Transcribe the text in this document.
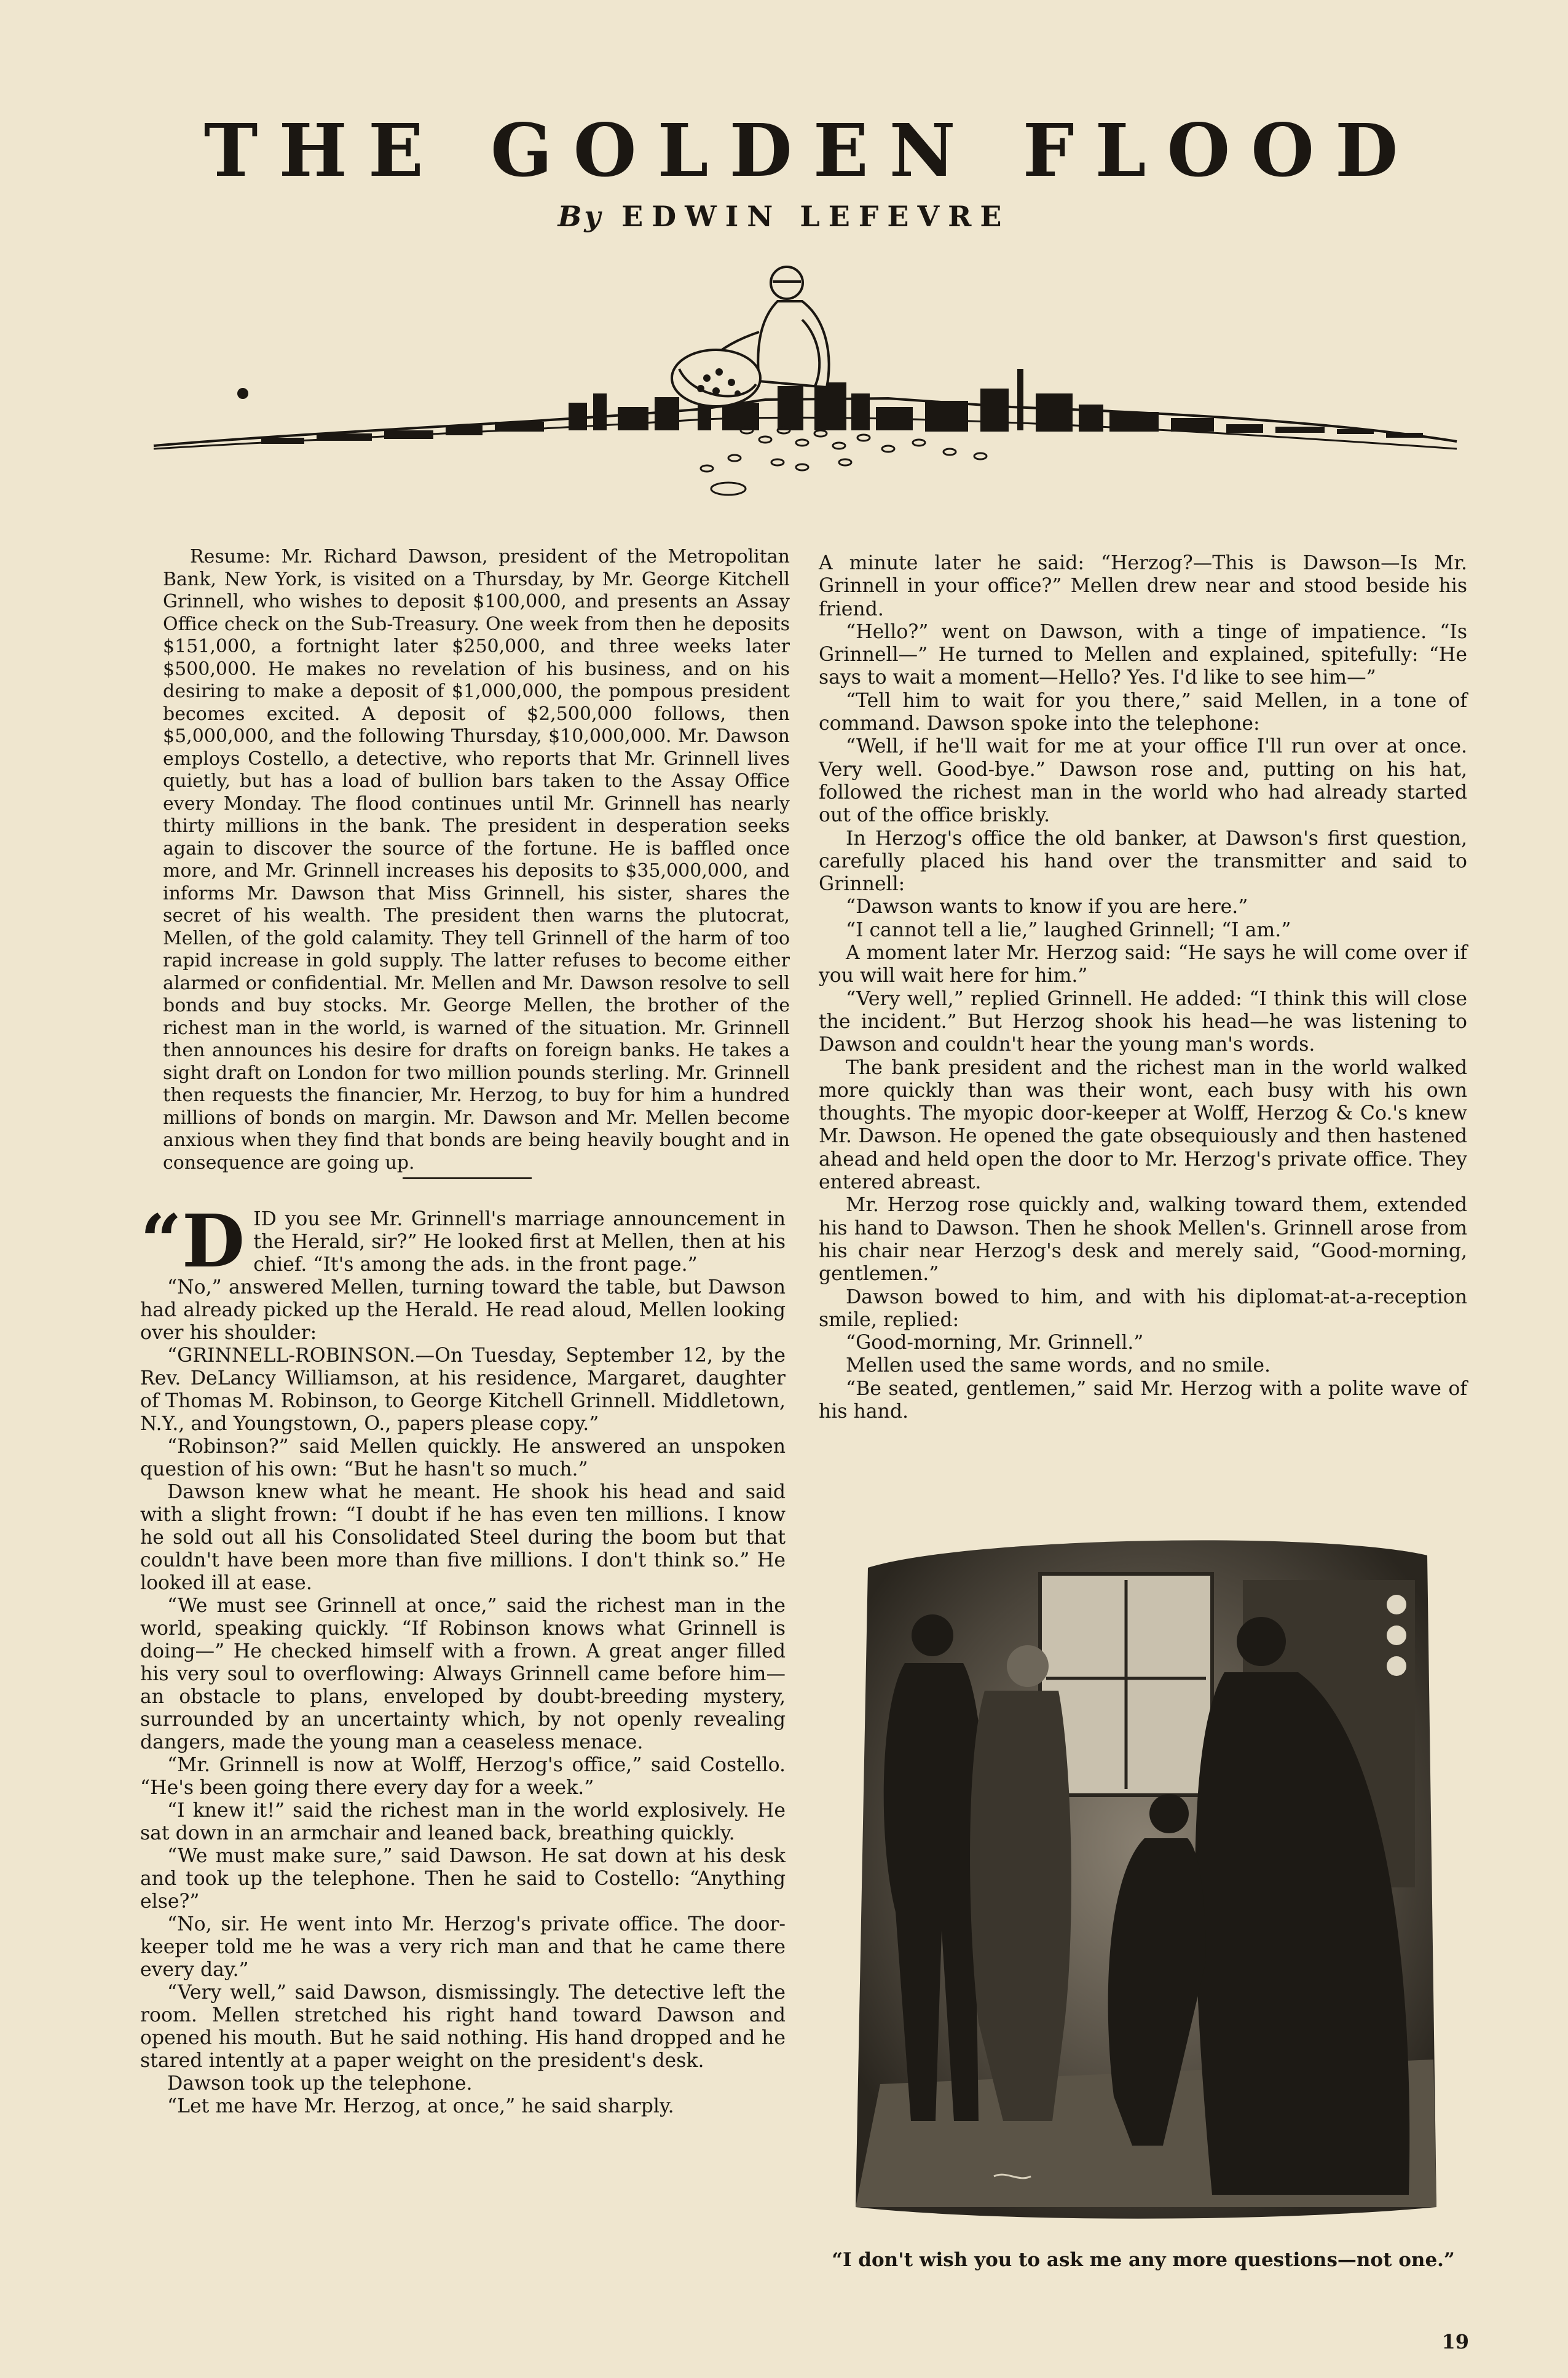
THE GOLDEN FLOOD
By EDWIN LEFEVRE

Resume: Mr. Richard Dawson, president of the Metropolitan Bank, New York, is visited on a Thursday, by Mr. George Kitchell Grinnell, who wishes to deposit $100,000, and presents an Assay Office check on the Sub-Treasury. One week from then he deposits $151,000, a fortnight later $250,000, and three weeks later $500,000. He makes no revelation of his business, and on his desiring to make a deposit of $1,000,000, the pompous president becomes excited. A deposit of $2,500,000 follows, then $5,000,000, and the following Thursday, $10,000,000. Mr. Dawson employs Costello, a detective, who reports that Mr. Grinnell lives quietly, but has a load of bullion bars taken to the Assay Office every Monday. The flood continues until Mr. Grinnell has nearly thirty millions in the bank. The president in desperation seeks again to discover the source of the fortune. He is baffled once more, and Mr. Grinnell increases his deposits to $35,000,000, and informs Mr. Dawson that Miss Grinnell, his sister, shares the secret of his wealth. The president then warns the plutocrat, Mellen, of the gold calamity. They tell Grinnell of the harm of too rapid increase in gold supply. The latter refuses to become either alarmed or confidential. Mr. Mellen and Mr. Dawson resolve to sell bonds and buy stocks. Mr. George Mellen, the brother of the richest man in the world, is warned of the situation. Mr. Grinnell then announces his desire for drafts on foreign banks. He takes a sight draft on London for two million pounds sterling. Mr. Grinnell then requests the financier, Mr. Herzog, to buy for him a hundred millions of bonds on margin. Mr. Dawson and Mr. Mellen become anxious when they find that bonds are being heavily bought and in consequence are going up.

“DID you see Mr. Grinnell's marriage announcement in the Herald, sir?” He looked first at Mellen, then at his chief. “It's among the ads. in the front page.”

“No,” answered Mellen, turning toward the table, but Dawson had already picked up the Herald. He read aloud, Mellen looking over his shoulder:

“GRINNELL-ROBINSON.—On Tuesday, September 12, by the Rev. DeLancy Williamson, at his residence, Margaret, daughter of Thomas M. Robinson, to George Kitchell Grinnell. Middletown, N.Y., and Youngstown, O., papers please copy.”

“Robinson?” said Mellen quickly. He answered an unspoken question of his own: “But he hasn't so much.”

Dawson knew what he meant. He shook his head and said with a slight frown: “I doubt if he has even ten millions. I know he sold out all his Consolidated Steel during the boom but that couldn't have been more than five millions. I don't think so.” He looked ill at ease.

“We must see Grinnell at once,” said the richest man in the world, speaking quickly. “If Robinson knows what Grinnell is doing—” He checked himself with a frown. A great anger filled his very soul to overflowing: Always Grinnell came before him—an obstacle to plans, enveloped by doubt-breeding mystery, surrounded by an uncertainty which, by not openly revealing dangers, made the young man a ceaseless menace.

“Mr. Grinnell is now at Wolff, Herzog's office,” said Costello. “He's been going there every day for a week.”

“I knew it!” said the richest man in the world explosively. He sat down in an armchair and leaned back, breathing quickly.

“We must make sure,” said Dawson. He sat down at his desk and took up the telephone. Then he said to Costello: “Anything else?”

“No, sir. He went into Mr. Herzog's private office. The door-keeper told me he was a very rich man and that he came there every day.”

“Very well,” said Dawson, dismissingly. The detective left the room. Mellen stretched his right hand toward Dawson and opened his mouth. But he said nothing. His hand dropped and he stared intently at a paper weight on the president's desk.

Dawson took up the telephone.

“Let me have Mr. Herzog, at once,” he said sharply.

A minute later he said: “Herzog?—This is Dawson—Is Mr. Grinnell in your office?” Mellen drew near and stood beside his friend.

“Hello?” went on Dawson, with a tinge of impatience. “Is Grinnell—” He turned to Mellen and explained, spitefully: “He says to wait a moment—Hello? Yes. I'd like to see him—”

“Tell him to wait for you there,” said Mellen, in a tone of command. Dawson spoke into the telephone:

“Well, if he'll wait for me at your office I'll run over at once. Very well. Good-bye.” Dawson rose and, putting on his hat, followed the richest man in the world who had already started out of the office briskly.

In Herzog's office the old banker, at Dawson's first question, carefully placed his hand over the transmitter and said to Grinnell:

“Dawson wants to know if you are here.”

“I cannot tell a lie,” laughed Grinnell; “I am.”

A moment later Mr. Herzog said: “He says he will come over if you will wait here for him.”

“Very well,” replied Grinnell. He added: “I think this will close the incident.” But Herzog shook his head—he was listening to Dawson and couldn't hear the young man's words.

The bank president and the richest man in the world walked more quickly than was their wont, each busy with his own thoughts. The myopic door-keeper at Wolff, Herzog & Co.'s knew Mr. Dawson. He opened the gate obsequiously and then hastened ahead and held open the door to Mr. Herzog's private office. They entered abreast.

Mr. Herzog rose quickly and, walking toward them, extended his hand to Dawson. Then he shook Mellen's. Grinnell arose from his chair near Herzog's desk and merely said, “Good-morning, gentlemen.”

Dawson bowed to him, and with his diplomat-at-a-reception smile, replied:

“Good-morning, Mr. Grinnell.”

Mellen used the same words, and no smile.

“Be seated, gentlemen,” said Mr. Herzog with a polite wave of his hand.

“I don't wish you to ask me any more questions—not one.”
19
